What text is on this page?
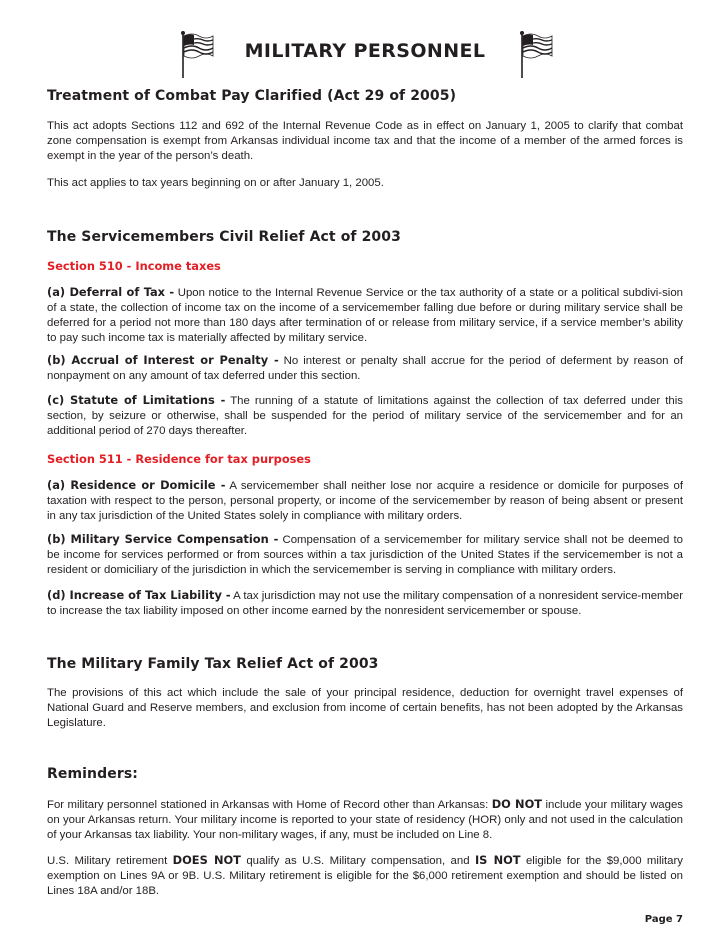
MILITARY PERSONNEL
Treatment of Combat Pay Clarified (Act 29 of 2005)

This act adopts Sections 112 and 692 of the Internal Revenue Code as in effect on January 1, 2005 to clarify that combat zone compensation is exempt from Arkansas individual income tax and that the income of a member of the armed forces is exempt in the year of the person’s death.

This act applies to tax years beginning on or after January 1, 2005.

The Servicemembers Civil Relief Act of 2003
Section 510 - Income taxes

(a) Deferral of Tax - Upon notice to the Internal Revenue Service or the tax authority of a state or a political subdivi-sion of a state, the collection of income tax on the income of a servicemember falling due before or during military service shall be deferred for a period not more than 180 days after termination of or release from military service, if a service member’s ability to pay such income tax is materially affected by military service.

(b) Accrual of Interest or Penalty - No interest or penalty shall accrue for the period of deferment by reason of nonpayment on any amount of tax deferred under this section.

(c) Statute of Limitations - The running of a statute of limitations against the collection of tax deferred under this section, by seizure or otherwise, shall be suspended for the period of military service of the servicemember and for an additional period of 270 days thereafter.

Section 511 - Residence for tax purposes

(a) Residence or Domicile - A servicemember shall neither lose nor acquire a residence or domicile for purposes of taxation with respect to the person, personal property, or income of the servicemember by reason of being absent or present in any tax jurisdiction of the United States solely in compliance with military orders.

(b) Military Service Compensation - Compensation of a servicemember for military service shall not be deemed to be income for services performed or from sources within a tax jurisdiction of the United States if the servicemember is not a resident or domiciliary of the jurisdiction in which the servicemember is serving in compliance with military orders.

(d) Increase of Tax Liability - A tax jurisdiction may not use the military compensation of a nonresident service-member to increase the tax liability imposed on other income earned by the nonresident servicemember or spouse.

The Military Family Tax Relief Act of 2003

The provisions of this act which include the sale of your principal residence, deduction for overnight travel expenses of National Guard and Reserve members, and exclusion from income of certain benefits, has not been adopted by the Arkansas Legislature.

Reminders:

For military personnel stationed in Arkansas with Home of Record other than Arkansas: DO NOT include your military wages on your Arkansas return. Your military income is reported to your state of residency (HOR) only and not used in the calculation of your Arkansas tax liability. Your non-military wages, if any, must be included on Line 8.

U.S. Military retirement DOES NOT qualify as U.S. Military compensation, and IS NOT eligible for the $9,000 military exemption on Lines 9A or 9B. U.S. Military retirement is eligible for the $6,000 retirement exemption and should be listed on Lines 18A and/or 18B.

Page 7
